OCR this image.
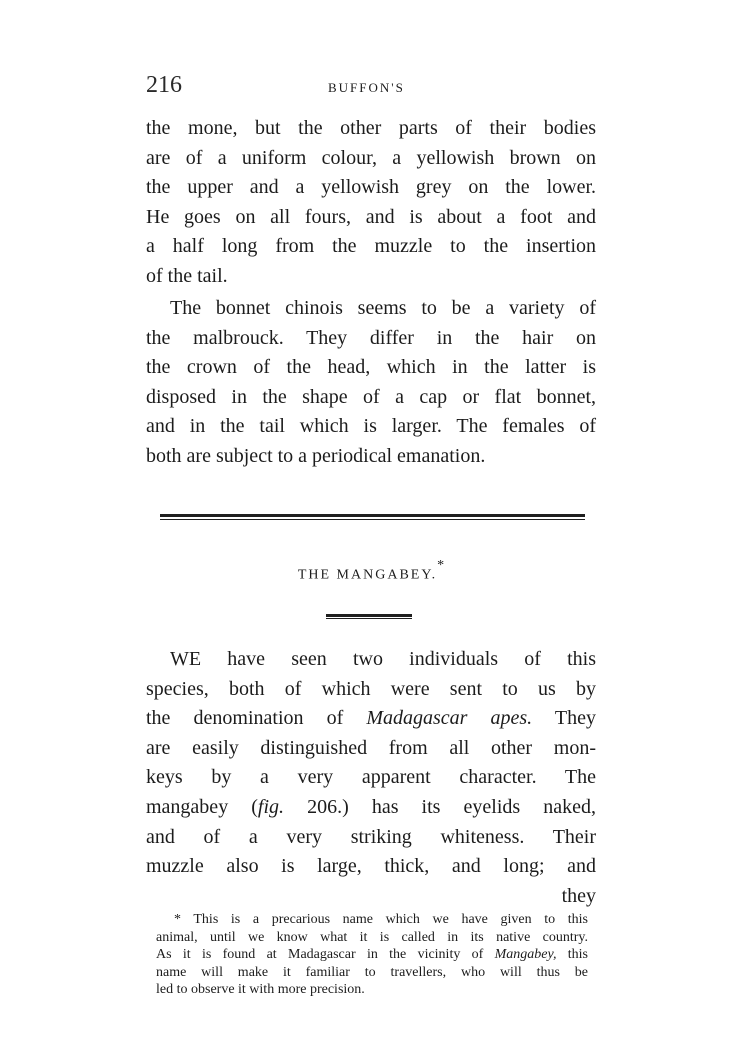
216	BUFFON'S
the mone, but the other parts of their bodies
are of a uniform colour, a yellowish brown on
the upper and a yellowish grey on the lower.
He goes on all fours, and is about a foot and
a half long from the muzzle to the insertion
of the tail.
The bonnet chinois seems to be a variety of
the malbrouck. They differ in the hair on
the crown of the head, which in the latter is
disposed in the shape of a cap or flat bonnet,
and in the tail which is larger. The females of
both are subject to a periodical emanation.
THE MANGABEY.*
WE have seen two individuals of this
species, both of which were sent to us by
the denomination of Madagascar apes. They
are easily distinguished from all other mon-
keys by a very apparent character. The
mangabey (fig. 206.) has its eyelids naked,
and of a very striking whiteness. Their
muzzle also is large, thick, and long; and
they
* This is a precarious name which we have given to this
animal, until we know what it is called in its native country.
As it is found at Madagascar in the vicinity of Mangabey, this
name will make it familiar to travellers, who will thus be
led to observe it with more precision.
